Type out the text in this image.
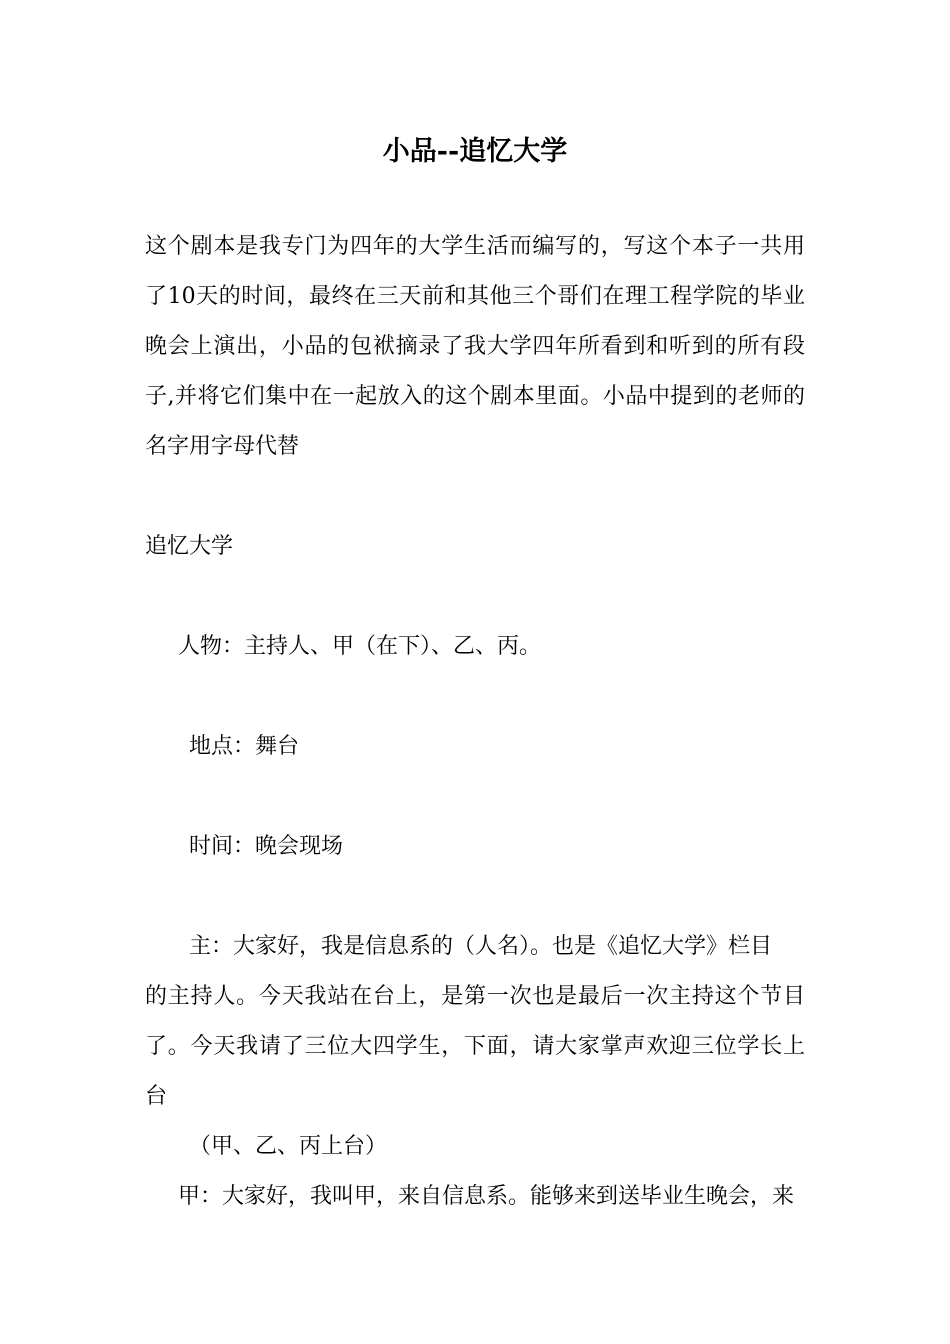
小品--追忆大学

这个剧本是我专门为四年的大学生活而编写的，写这个本子一共用

了10天的时间，最终在三天前和其他三个哥们在理工程学院的毕业

晚会上演出，小品的包袱摘录了我大学四年所看到和听到的所有段

子,并将它们集中在一起放入的这个剧本里面。小品中提到的老师的

名字用字母代替

追忆大学

人物：主持人、甲（在下）、乙、丙。

地点：舞台

时间：晚会现场

主：大家好，我是信息系的（人名）。也是《追忆大学》栏目

的主持人。今天我站在台上，是第一次也是最后一次主持这个节目

了。今天我请了三位大四学生，下面，请大家掌声欢迎三位学长上

台

（甲、乙、丙上台）

甲：大家好，我叫甲，来自信息系。能够来到送毕业生晚会，来
